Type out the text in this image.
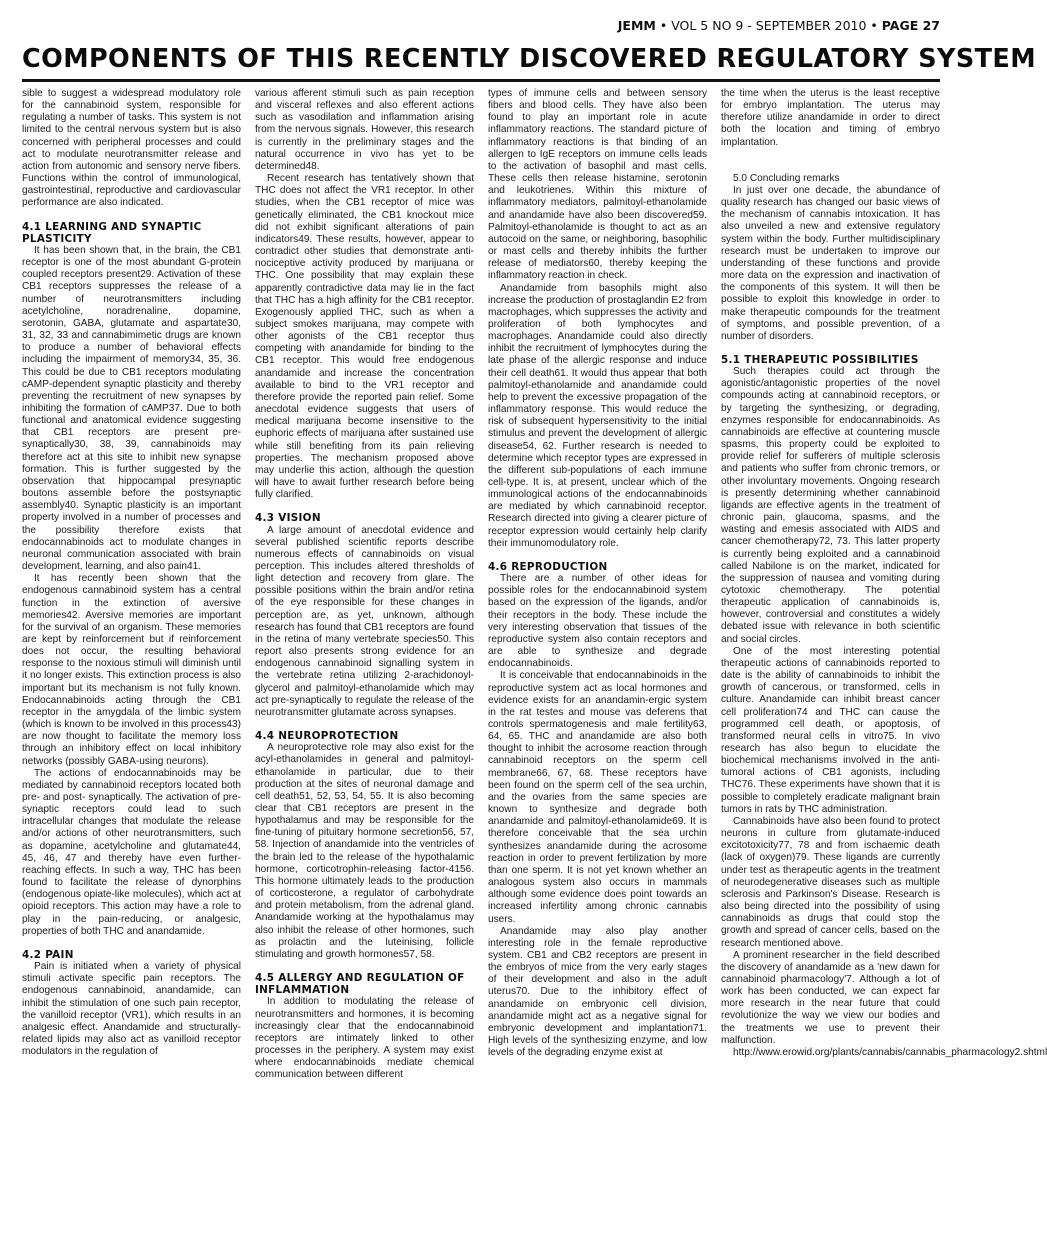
JEMM • VOL 5 NO 9 - SEPTEMBER 2010 • PAGE 27
COMPONENTS OF THIS RECENTLY DISCOVERED REGULATORY SYSTEM

sible to suggest a widespread modulatory role for the cannabinoid system, responsible for regulating a number of tasks. This system is not limited to the central nervous system but is also concerned with peripheral processes and could act to modulate neurotransmitter release and action from autonomic and sensory nerve fibers. Functions within the control of immunological, gastrointestinal, reproductive and cardiovascular performance are also indicated.

4.1 LEARNING AND SYNAPTIC PLASTICITY

It has been shown that, in the brain, the CB1 receptor is one of the most abundant G-protein coupled receptors present29. Activation of these CB1 receptors suppresses the release of a number of neurotransmitters including acetylcholine, noradrenaline, dopamine, serotonin, GABA, glutamate and aspartate30, 31, 32, 33 and cannabimimetic drugs are known to produce a number of behavioral effects including the impairment of memory34, 35, 36. This could be due to CB1 receptors modulating cAMP-dependent synaptic plasticity and thereby preventing the recruitment of new synapses by inhibiting the formation of cAMP37. Due to both functional and anatomical evidence suggesting that CB1 receptors are present pre-synaptically30, 38, 39, cannabinoids may therefore act at this site to inhibit new synapse formation. This is further suggested by the observation that hippocampal presynaptic boutons assemble before the postsynaptic assembly40. Synaptic plasticity is an important property involved in a number of processes and the possibility therefore exists that endocannabinoids act to modulate changes in neuronal communication associated with brain development, learning, and also pain41.

It has recently been shown that the endogenous cannabinoid system has a central function in the extinction of aversive memories42. Aversive memories are important for the survival of an organism. These memories are kept by reinforcement but if reinforcement does not occur, the resulting behavioral response to the noxious stimuli will diminish until it no longer exists. This extinction process is also important but its mechanism is not fully known. Endocannabinoids acting through the CB1 receptor in the amygdala of the limbic system (which is known to be involved in this process43) are now thought to facilitate the memory loss through an inhibitory effect on local inhibitory networks (possibly GABA-using neurons).

The actions of endocannabinoids may be mediated by cannabinoid receptors located both pre- and post- synaptically. The activation of pre-synaptic receptors could lead to such intracellular changes that modulate the release and/or actions of other neurotransmitters, such as dopamine, acetylcholine and glutamate44, 45, 46, 47 and thereby have even further-reaching effects. In such a way, THC has been found to facilitate the release of dynorphins (endogenous opiate-like molecules), which act at opioid receptors. This action may have a role to play in the pain-reducing, or analgesic, properties of both THC and anandamide.

4.2 PAIN

Pain is initiated when a variety of physical stimuli activate specific pain receptors. The endogenous cannabinoid, anandamide, can inhibit the stimulation of one such pain receptor, the vanilloid receptor (VR1), which results in an analgesic effect. Anandamide and structurally-related lipids may also act as vanilloid receptor modulators in the regulation of

various afferent stimuli such as pain reception and visceral reflexes and also efferent actions such as vasodilation and inflammation arising from the nervous signals. However, this research is currently in the preliminary stages and the natural occurrence in vivo has yet to be determined48.

Recent research has tentatively shown that THC does not affect the VR1 receptor. In other studies, when the CB1 receptor of mice was genetically eliminated, the CB1 knockout mice did not exhibit significant alterations of pain indicators49. These results, however, appear to contradict other studies that demonstrate anti-nociceptive activity produced by marijuana or THC. One possibility that may explain these apparently contradictive data may lie in the fact that THC has a high affinity for the CB1 receptor. Exogenously applied THC, such as when a subject smokes marijuana, may compete with other agonists of the CB1 receptor thus competing with anandamide for binding to the CB1 receptor. This would free endogenous anandamide and increase the concentration available to bind to the VR1 receptor and therefore provide the reported pain relief. Some anecdotal evidence suggests that users of medical marijuana become insensitive to the euphoric effects of marijuana after sustained use while still benefiting from its pain relieving properties. The mechanism proposed above may underlie this action, although the question will have to await further research before being fully clarified.

4.3 VISION

A large amount of anecdotal evidence and several published scientific reports describe numerous effects of cannabinoids on visual perception. This includes altered thresholds of light detection and recovery from glare. The possible positions within the brain and/or retina of the eye responsible for these changes in perception are, as yet, unknown, although research has found that CB1 receptors are found in the retina of many vertebrate species50. This report also presents strong evidence for an endogenous cannabinoid signalling system in the vertebrate retina utilizing 2-arachidonoyl-glycerol and palmitoyl-ethanolamide which may act pre-synaptically to regulate the release of the neurotransmitter glutamate across synapses.

4.4 NEUROPROTECTION

A neuroprotective role may also exist for the acyl-ethanolamides in general and palmitoyl-ethanolamide in particular, due to their production at the sites of neuronal damage and cell death51, 52, 53, 54, 55. It is also becoming clear that CB1 receptors are present in the hypothalamus and may be responsible for the fine-tuning of pituitary hormone secretion56, 57, 58. Injection of anandamide into the ventricles of the brain led to the release of the hypothalamic hormone, corticotrophin-releasing factor-4156. This hormone ultimately leads to the production of corticosterone, a regulator of carbohydrate and protein metabolism, from the adrenal gland. Anandamide working at the hypothalamus may also inhibit the release of other hormones, such as prolactin and the luteinising, follicle stimulating and growth hormones57, 58.

4.5 ALLERGY AND REGULATION OF INFLAMMATION

In addition to modulating the release of neurotransmitters and hormones, it is becoming increasingly clear that the endocannabinoid receptors are intimately linked to other processes in the periphery. A system may exist where endocannabinoids mediate chemical communication between different

types of immune cells and between sensory fibers and blood cells. They have also been found to play an important role in acute inflammatory reactions. The standard picture of inflammatory reactions is that binding of an allergen to IgE receptors on immune cells leads to the activation of basophil and mast cells. These cells then release histamine, serotonin and leukotrienes. Within this mixture of inflammatory mediators, palmitoyl-ethanolamide and anandamide have also been discovered59. Palmitoyl-ethanolamide is thought to act as an autocoid on the same, or neighboring, basophilic or mast cells and thereby inhibits the further release of mediators60, thereby keeping the inflammatory reaction in check.

Anandamide from basophils might also increase the production of prostaglandin E2 from macrophages, which suppresses the activity and proliferation of both lymphocytes and macrophages. Anandamide could also directly inhibit the recruitment of lymphocytes during the late phase of the allergic response and induce their cell death61. It would thus appear that both palmitoyl-ethanolamide and anandamide could help to prevent the excessive propagation of the inflammatory response. This would reduce the risk of subsequent hypersensitivity to the initial stimulus and prevent the development of allergic disease54, 62. Further research is needed to determine which receptor types are expressed in the different sub-populations of each immune cell-type. It is, at present, unclear which of the immunological actions of the endocannabinoids are mediated by which cannabinoid receptor. Research directed into giving a clearer picture of receptor expression would certainly help clarify their immunomodulatory role.

4.6 REPRODUCTION

There are a number of other ideas for possible roles for the endocannabinoid system based on the expression of the ligands, and/or their receptors in the body. These include the very interesting observation that tissues of the reproductive system also contain receptors and are able to synthesize and degrade endocannabinoids.

It is conceivable that endocannabinoids in the reproductive system act as local hormones and evidence exists for an anandamin-ergic system in the rat testes and mouse vas deferens that controls spermatogenesis and male fertility63, 64, 65. THC and anandamide are also both thought to inhibit the acrosome reaction through cannabinoid receptors on the sperm cell membrane66, 67, 68. These receptors have been found on the sperm cell of the sea urchin, and the ovaries from the same species are known to synthesize and degrade both anandamide and palmitoyl-ethanolamide69. It is therefore conceivable that the sea urchin synthesizes anandamide during the acrosome reaction in order to prevent fertilization by more than one sperm. It is not yet known whether an analogous system also occurs in mammals although some evidence does point towards an increased infertility among chronic cannabis users.

Anandamide may also play another interesting role in the female reproductive system. CB1 and CB2 receptors are present in the embryos of mice from the very early stages of their development and also in the adult uterus70. Due to the inhibitory effect of anandamide on embryonic cell division, anandamide might act as a negative signal for embryonic development and implantation71. High levels of the synthesizing enzyme, and low levels of the degrading enzyme exist at

the time when the uterus is the least receptive for embryo implantation. The uterus may therefore utilize anandamide in order to direct both the location and timing of embryo implantation.

5.0 Concluding remarks

In just over one decade, the abundance of quality research has changed our basic views of the mechanism of cannabis intoxication. It has also unveiled a new and extensive regulatory system within the body. Further multidisciplinary research must be undertaken to improve our understanding of these functions and provide more data on the expression and inactivation of the components of this system. It will then be possible to exploit this knowledge in order to make therapeutic compounds for the treatment of symptoms, and possible prevention, of a number of disorders.

5.1 THERAPEUTIC POSSIBILITIES

Such therapies could act through the agonistic/antagonistic properties of the novel compounds acting at cannabinoid receptors, or by targeting the synthesizing, or degrading, enzymes responsible for endocannabinoids. As cannabinoids are effective at countering muscle spasms, this property could be exploited to provide relief for sufferers of multiple sclerosis and patients who suffer from chronic tremors, or other involuntary movements. Ongoing research is presently determining whether cannabinoid ligands are effective agents in the treatment of chronic pain, glaucoma, spasms, and the wasting and emesis associated with AIDS and cancer chemotherapy72, 73. This latter property is currently being exploited and a cannabinoid called Nabilone is on the market, indicated for the suppression of nausea and vomiting during cytotoxic chemotherapy. The potential therapeutic application of cannabinoids is, however, controversial and constitutes a widely debated issue with relevance in both scientific and social circles.

One of the most interesting potential therapeutic actions of cannabinoids reported to date is the ability of cannabinoids to inhibit the growth of cancerous, or transformed, cells in culture. Anandamide can inhibit breast cancer cell proliferation74 and THC can cause the programmed cell death, or apoptosis, of transformed neural cells in vitro75. In vivo research has also begun to elucidate the biochemical mechanisms involved in the anti-tumoral actions of CB1 agonists, including THC76. These experiments have shown that it is possible to completely eradicate malignant brain tumors in rats by THC administration.

Cannabinoids have also been found to protect neurons in culture from glutamate-induced excitotoxicity77, 78 and from ischaemic death (lack of oxygen)79. These ligands are currently under test as therapeutic agents in the treatment of neurodegenerative diseases such as multiple sclerosis and Parkinson's Disease. Research is also being directed into the possibility of using cannabinoids as drugs that could stop the growth and spread of cancer cells, based on the research mentioned above.

A prominent researcher in the field described the discovery of anandamide as a 'new dawn for cannabinoid pharmacology'7. Although a lot of work has been conducted, we can expect far more research in the near future that could revolutionize the way we view our bodies and the treatments we use to prevent their malfunction.

http://www.erowid.org/plants/cannabis/cannabis_pharmacology2.shtml
